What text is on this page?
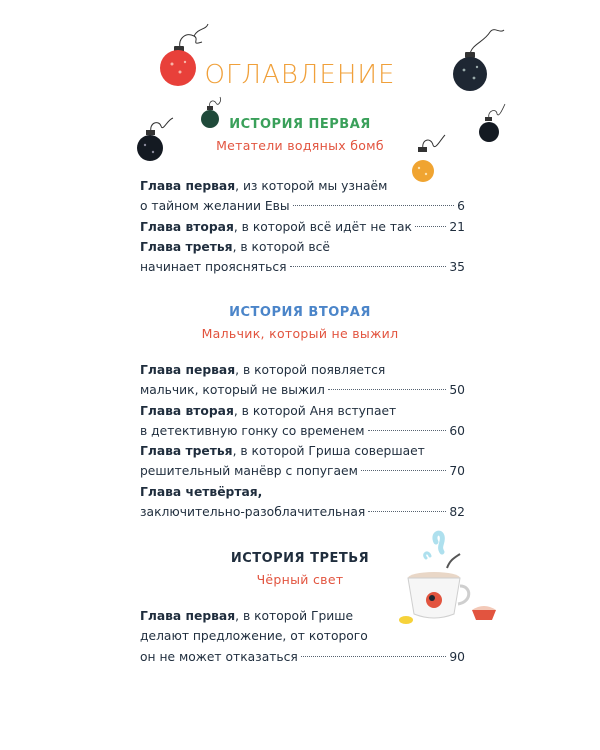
ОГЛАВЛЕНИЕ
ИСТОРИЯ ПЕРВАЯ
Метатели водяных бомб
Глава первая, из которой мы узнаём
о тайном желании Евы	6
Глава вторая , в которой всё идёт не так	21
Глава третья, в которой всё
начинает проясняться	35
ИСТОРИЯ ВТОРАЯ
Мальчик, который не выжил
Глава первая, в которой появляется
мальчик, который не выжил	50
Глава вторая, в которой Аня вступает
в детективную гонку со временем	60
Глава третья, в которой Гриша совершает
решительный манёвр с попугаем	70
Глава четвёртая,
заключительно-разоблачительная	82
ИСТОРИЯ ТРЕТЬЯ
Чёрный свет
Глава первая, в которой Грише
делают предложение, от которого
он не может отказаться	90
